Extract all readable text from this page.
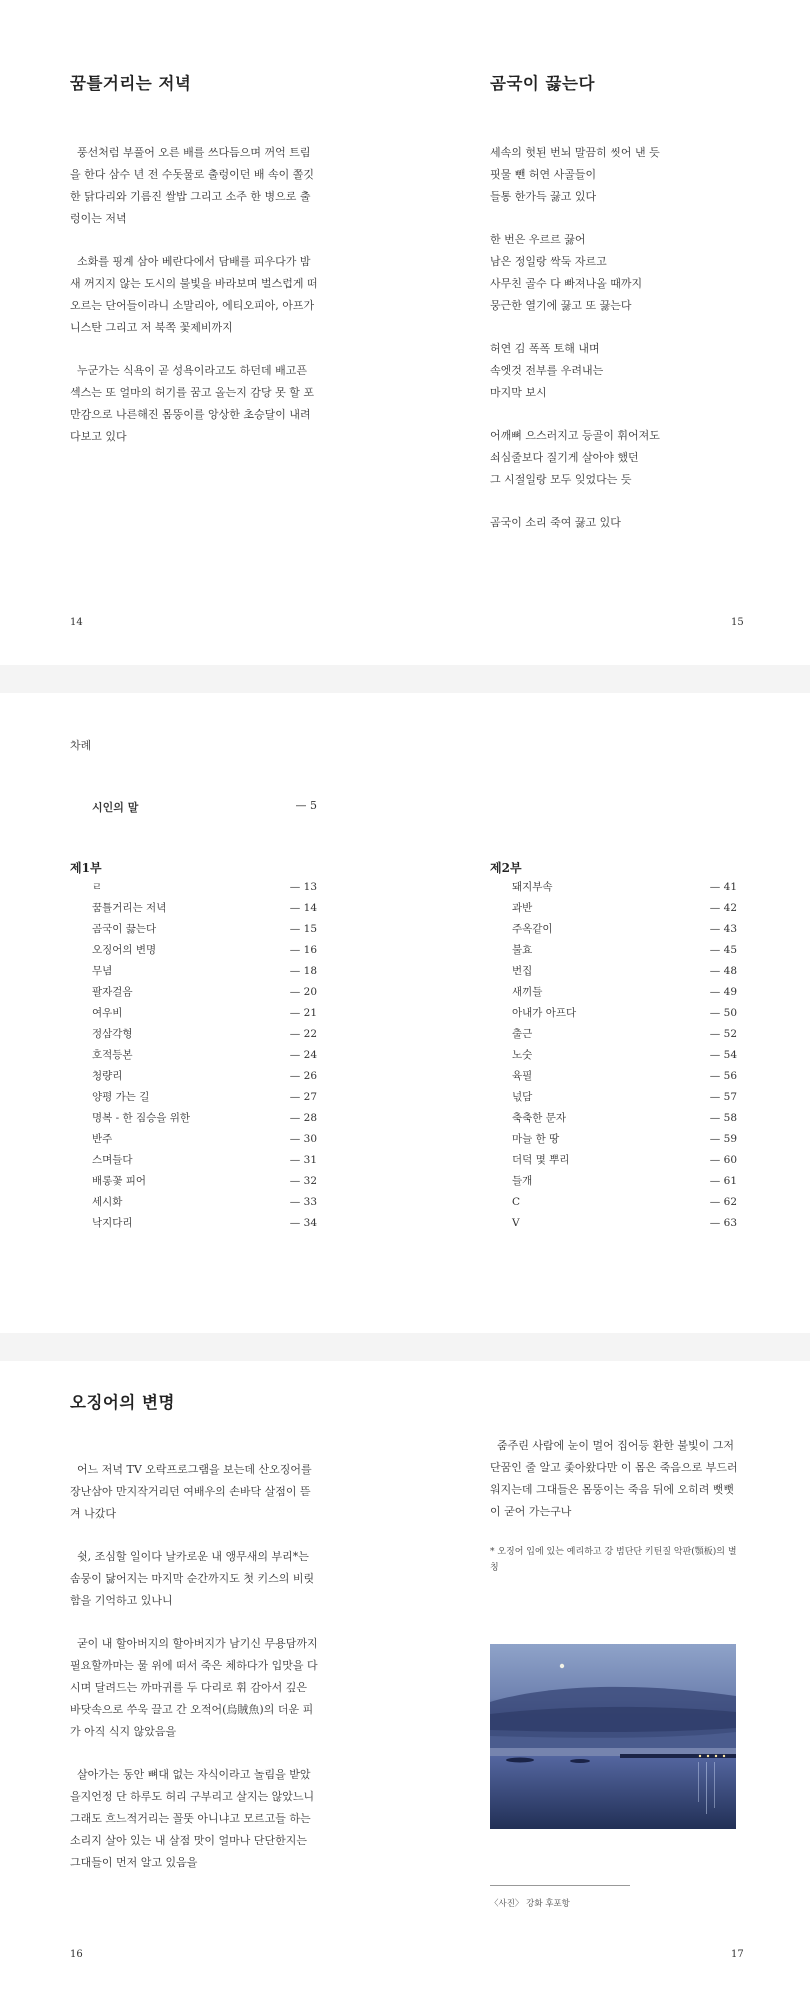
꿈틀거리는 저녁

풍선처럼 부풀어 오른 배를 쓰다듬으며 꺼억 트림을 한다 삼수 년 전 수돗물로 출렁이던 배 속이 쫄깃한 닭다리와 기름진 쌀밥 그리고 소주 한 병으로 출렁이는 저녁

소화를 핑계 삼아 베란다에서 담배를 피우다가 밤새 꺼지지 않는 도시의 불빛을 바라보며 벌스럽게 떠오르는 단어들이라니 소말리아, 에티오피아, 아프가니스탄 그리고 저 북쪽 꽃제비까지

누군가는 식욕이 곧 성욕이라고도 하던데 배고픈 섹스는 또 얼마의 허기를 꿈고 올는지 감당 못 할 포만감으로 나른해진 몸뚱이를 앙상한 초승달이 내려다보고 있다

14
곰국이 끓는다
세속의 헛된 번뇌 말끔히 씻어 낸 듯
핏물 뺀 허연 사골들이
들통 한가득 끓고 있다
한 번은 우르르 끓어
남은 정일랑 싹둑 자르고
사무친 골수 다 빠져나올 때까지
뭉근한 열기에 끓고 또 끓는다
허연 김 폭폭 토해 내며
속엣것 전부를 우려내는
마지막 보시
어깨뼈 으스러지고 등골이 휘어져도
쇠심줄보다 질기게 살아야 했던
그 시절일랑 모두 잊었다는 듯
곰국이 소리 죽여 끓고 있다
15
차례
시인의 말	— 5
제1부
ㄹ	— 13
꿈틀거리는 저녁	— 14
곰국이 끓는다	— 15
오징어의 변명	— 16
무념	— 18
팔자걸음	— 20
여우비	— 21
정삼각형	— 22
호적등본	— 24
청량리	— 26
양평 가는 길	— 27
명복 - 한 짐승을 위한	— 28
반주	— 30
스며들다	— 31
배롱꽃 피어	— 32
세시화	— 33
낙지다리	— 34
제2부
돼지부속	— 41
과반	— 42
주옥같이	— 43
불효	— 45
번집	— 48
새끼들	— 49
아내가 아프다	— 50
출근	— 52
노숫	— 54
육필	— 56
넋담	— 57
축축한 문자	— 58
마늘 한 땅	— 59
더덕 몇 뿌리	— 60
들개	— 61
C	— 62
V	— 63
오징어의 변명

어느 저녁 TV 오락프로그램을 보는데 산오징어를 장난삼아 만지작거리던 여배우의 손바닥 살점이 뜯겨 나갔다

쉿, 조심할 일이다 날카로운 내 앵무새의 부리*는 솜뭉이 닳어지는 마지막 순간까지도 첫 키스의 비릿함을 기억하고 있나니

굳이 내 할아버지의 할아버지가 남기신 무용담까지 필요할까마는 물 위에 떠서 죽은 체하다가 입맛을 다시며 달려드는 까마귀를 두 다리로 휘 감아서 깊은 바닷속으로 쑤욱 끌고 간 오적어(烏賊魚)의 더운 피가 아직 식지 않았음을

살아가는 동안 뼈대 없는 자식이라고 놀림을 받았을지언정 단 하루도 허리 구부리고 살지는 않았느니 그래도 흐느적거리는 꼴뚯 아니냐고 모르고들 하는 소리지 살아 있는 내 살점 맛이 얼마나 단단한지는 그대들이 먼저 알고 있음을

16

줌주린 사람에 눈이 멀어 집어등 환한 불빛이 그저 단꿈인 줄 알고 좇아왔다만 이 몸은 죽음으로 부드러워지는데 그대들은 몸뚱이는 죽음 뒤에 오히려 뻣뻣이 굳어 가는구나

* 오징어 입에 있는 예리하고 강 범단단 키틴질 악판(顎板)의 별칭
〈사진〉 강화 후포항
17
